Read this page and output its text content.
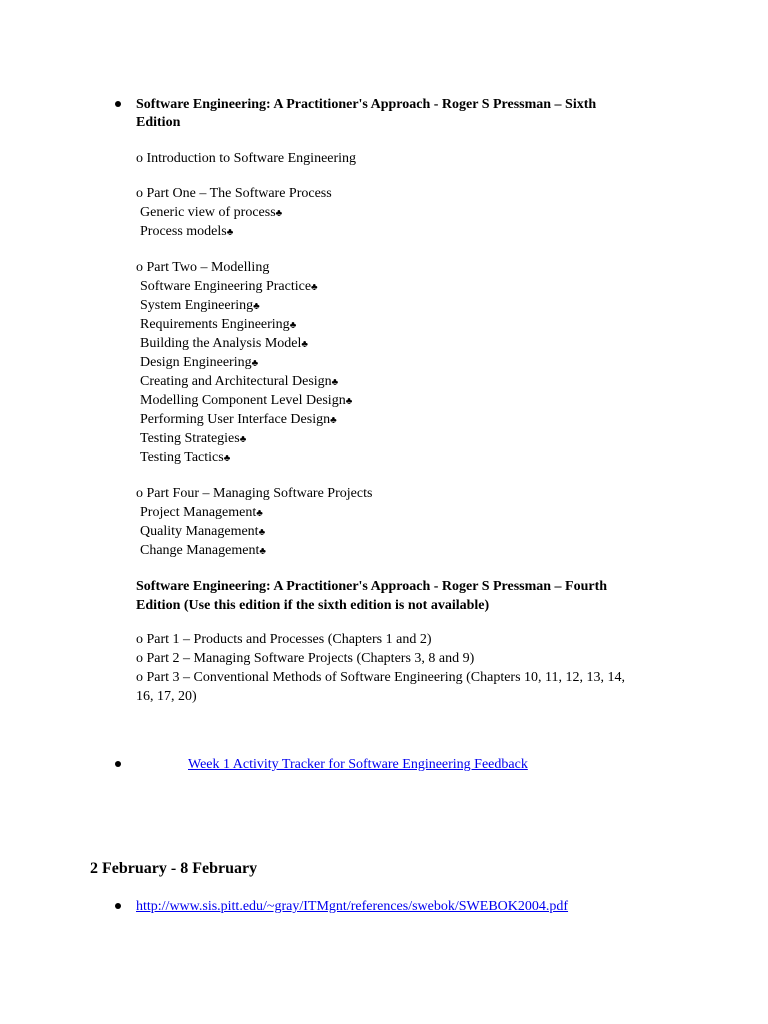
Software Engineering: A Practitioner's Approach - Roger S Pressman – Sixth
Edition
o Introduction to Software Engineering
o Part One – The Software Process
Generic view of process♣
Process models♣
o Part Two – Modelling
Software Engineering Practice♣
System Engineering♣
Requirements Engineering♣
Building the Analysis Model♣
Design Engineering♣
Creating and Architectural Design♣
Modelling Component Level Design♣
Performing User Interface Design♣
Testing Strategies♣
Testing Tactics♣
o Part Four – Managing Software Projects
Project Management♣
Quality Management♣
Change Management♣
Software Engineering: A Practitioner's Approach - Roger S Pressman – Fourth
Edition (Use this edition if the sixth edition is not available)
o Part 1 – Products and Processes (Chapters 1 and 2)
o Part 2 – Managing Software Projects (Chapters 3, 8 and 9)
o Part 3 – Conventional Methods of Software Engineering (Chapters 10, 11, 12, 13, 14,
16, 17, 20)
Week 1 Activity Tracker for Software Engineering Feedback
2 February - 8 February
http://www.sis.pitt.edu/~gray/ITMgnt/references/swebok/SWEBOK2004.pdf
